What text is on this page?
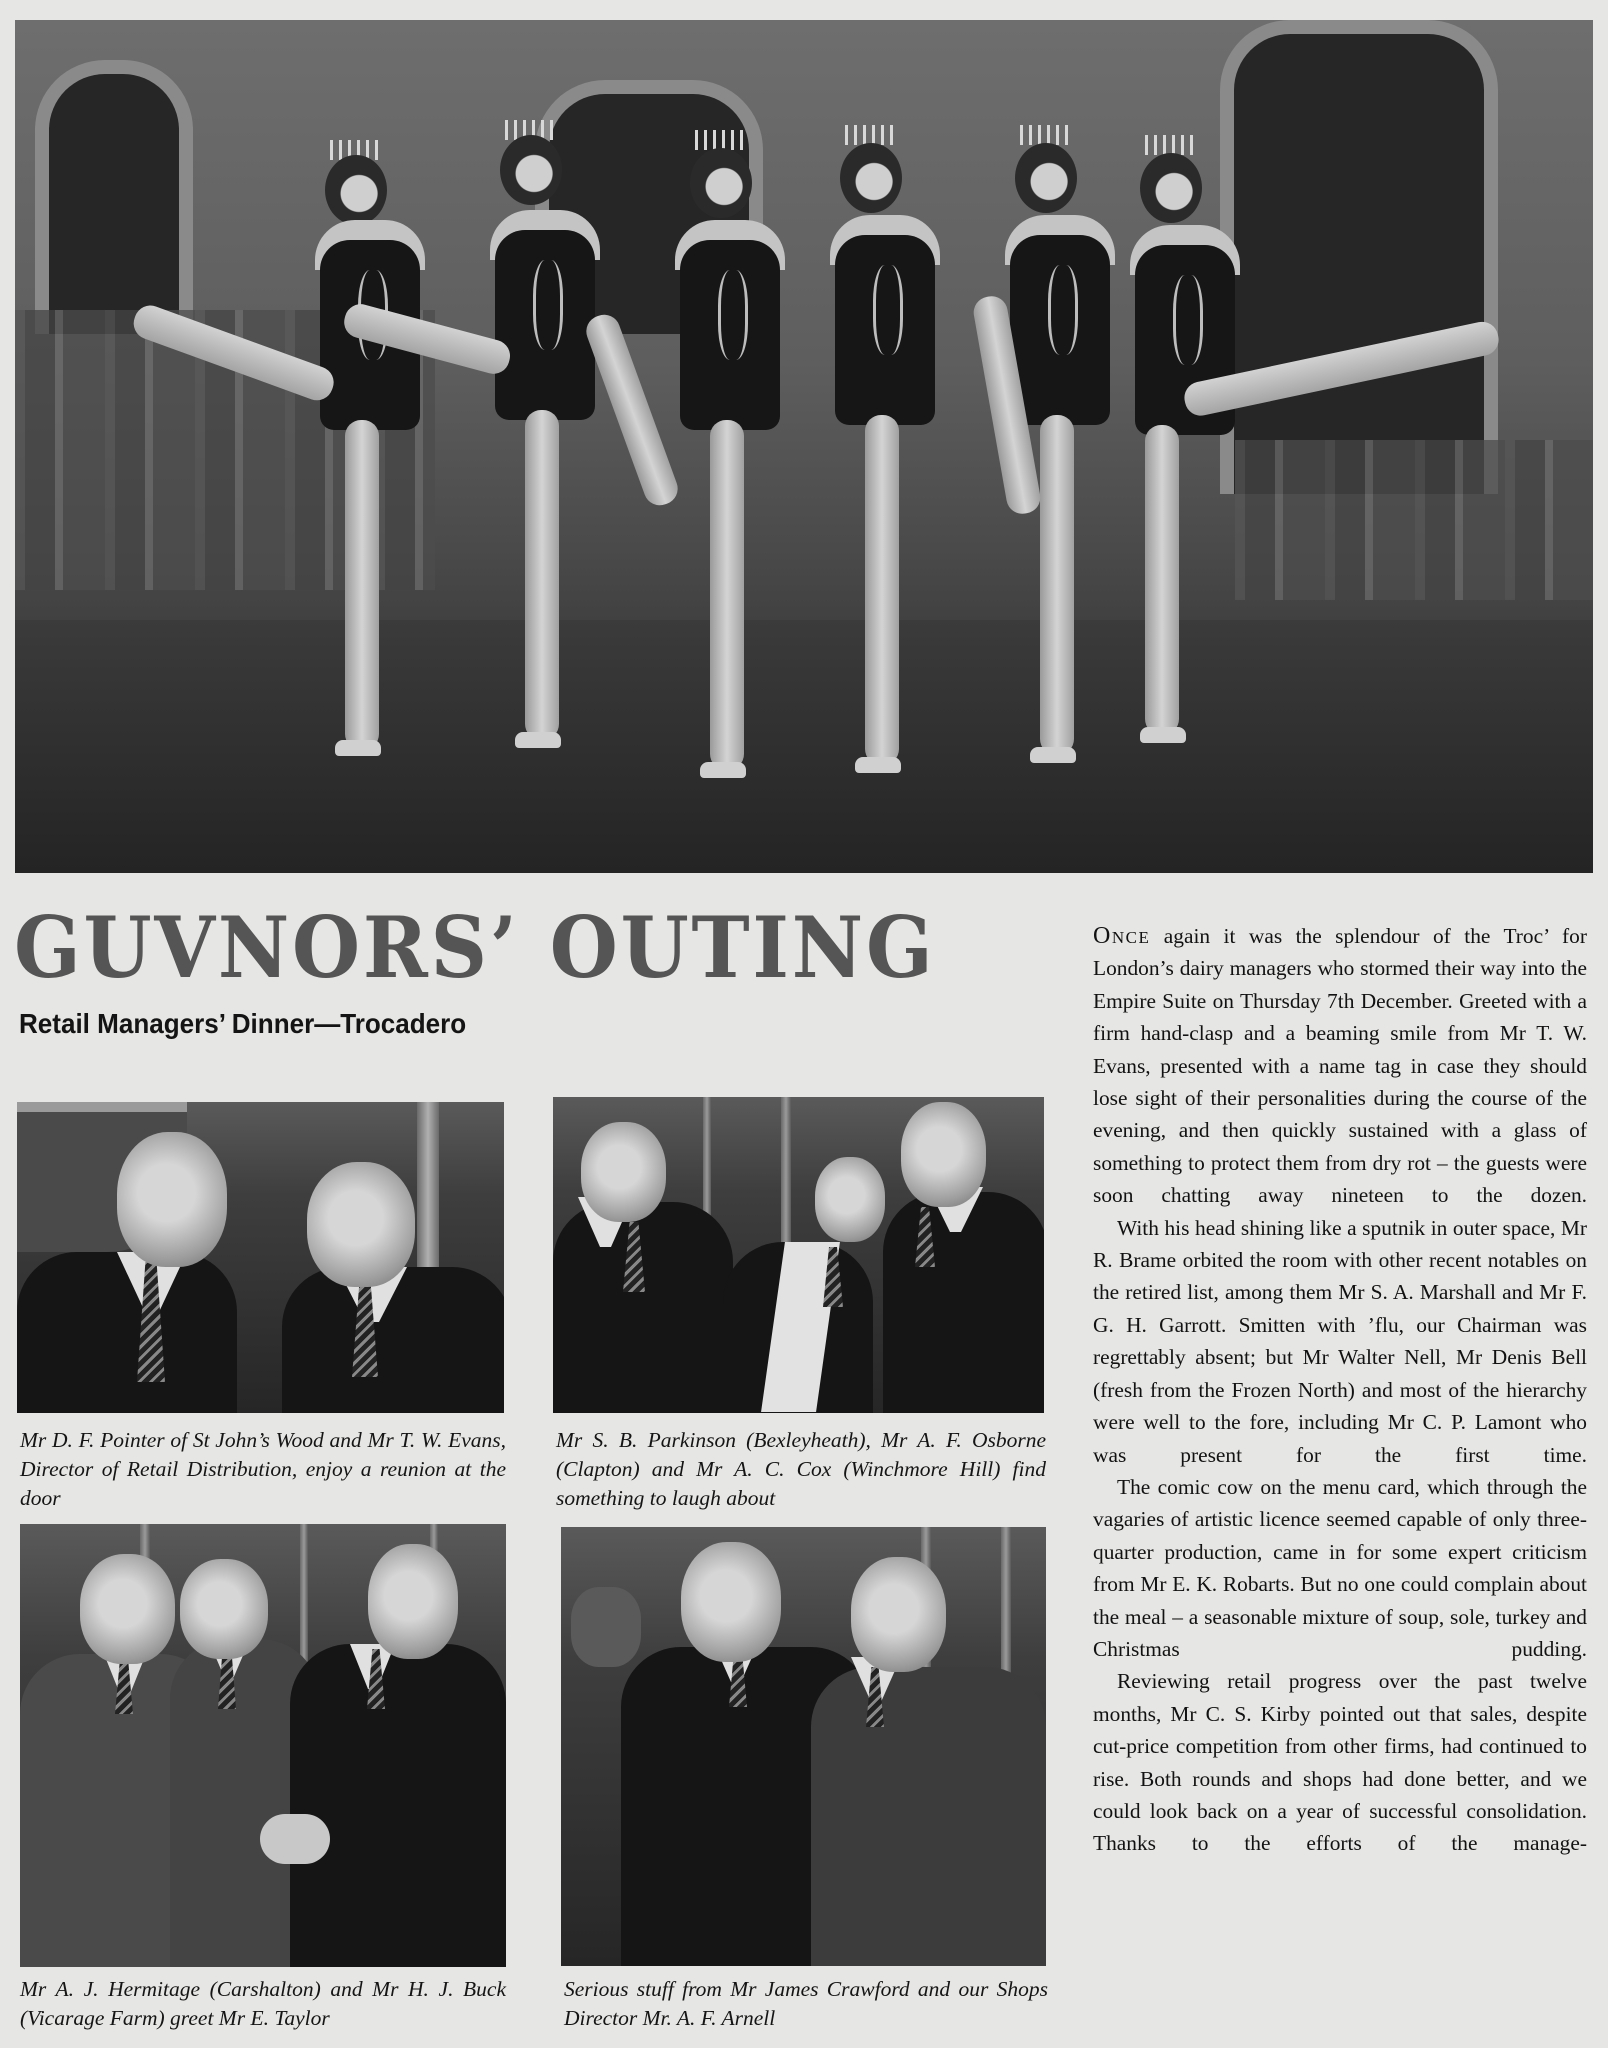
GUVNORS’ OUTING
Retail Managers’ Dinner—Trocadero
Mr D. F. Pointer of St John’s Wood and Mr T. W. Evans, Director of Retail Distribution, enjoy a reunion at the door
Mr S. B. Parkinson (Bexleyheath), Mr A. F. Osborne (Clapton) and Mr A. C. Cox (Winchmore Hill) find something to laugh about
Mr A. J. Hermitage (Carshalton) and Mr H. J. Buck (Vicarage Farm) greet Mr E. Taylor
Serious stuff from Mr James Crawford and our Shops Director Mr. A. F. Arnell

Once again it was the splendour of the Troc’ for London’s dairy managers who stormed their way into the Empire Suite on Thursday 7th December. Greeted with a firm hand-clasp and a beaming smile from Mr T. W. Evans, presented with a name tag in case they should lose sight of their personalities during the course of the evening, and then quickly sustained with a glass of something to protect them from dry rot – the guests were soon chatting away nineteen to the dozen.

With his head shining like a sputnik in outer space, Mr R. Brame orbited the room with other recent notables on the retired list, among them Mr S. A. Marshall and Mr F. G. H. Garrott. Smitten with ’flu, our Chairman was regrettably absent; but Mr Walter Nell, Mr Denis Bell (fresh from the Frozen North) and most of the hierarchy were well to the fore, including Mr C. P. Lamont who was present for the first time.

The comic cow on the menu card, which through the vagaries of artistic licence seemed capable of only three-quarter production, came in for some expert criticism from Mr E. K. Robarts. But no one could complain about the meal – a seasonable mixture of soup, sole, turkey and Christmas pudding.

Reviewing retail progress over the past twelve months, Mr C. S. Kirby pointed out that sales, despite cut-price competition from other firms, had continued to rise. Both rounds and shops had done better, and we could look back on a year of successful consolidation. Thanks to the efforts of the manage-
